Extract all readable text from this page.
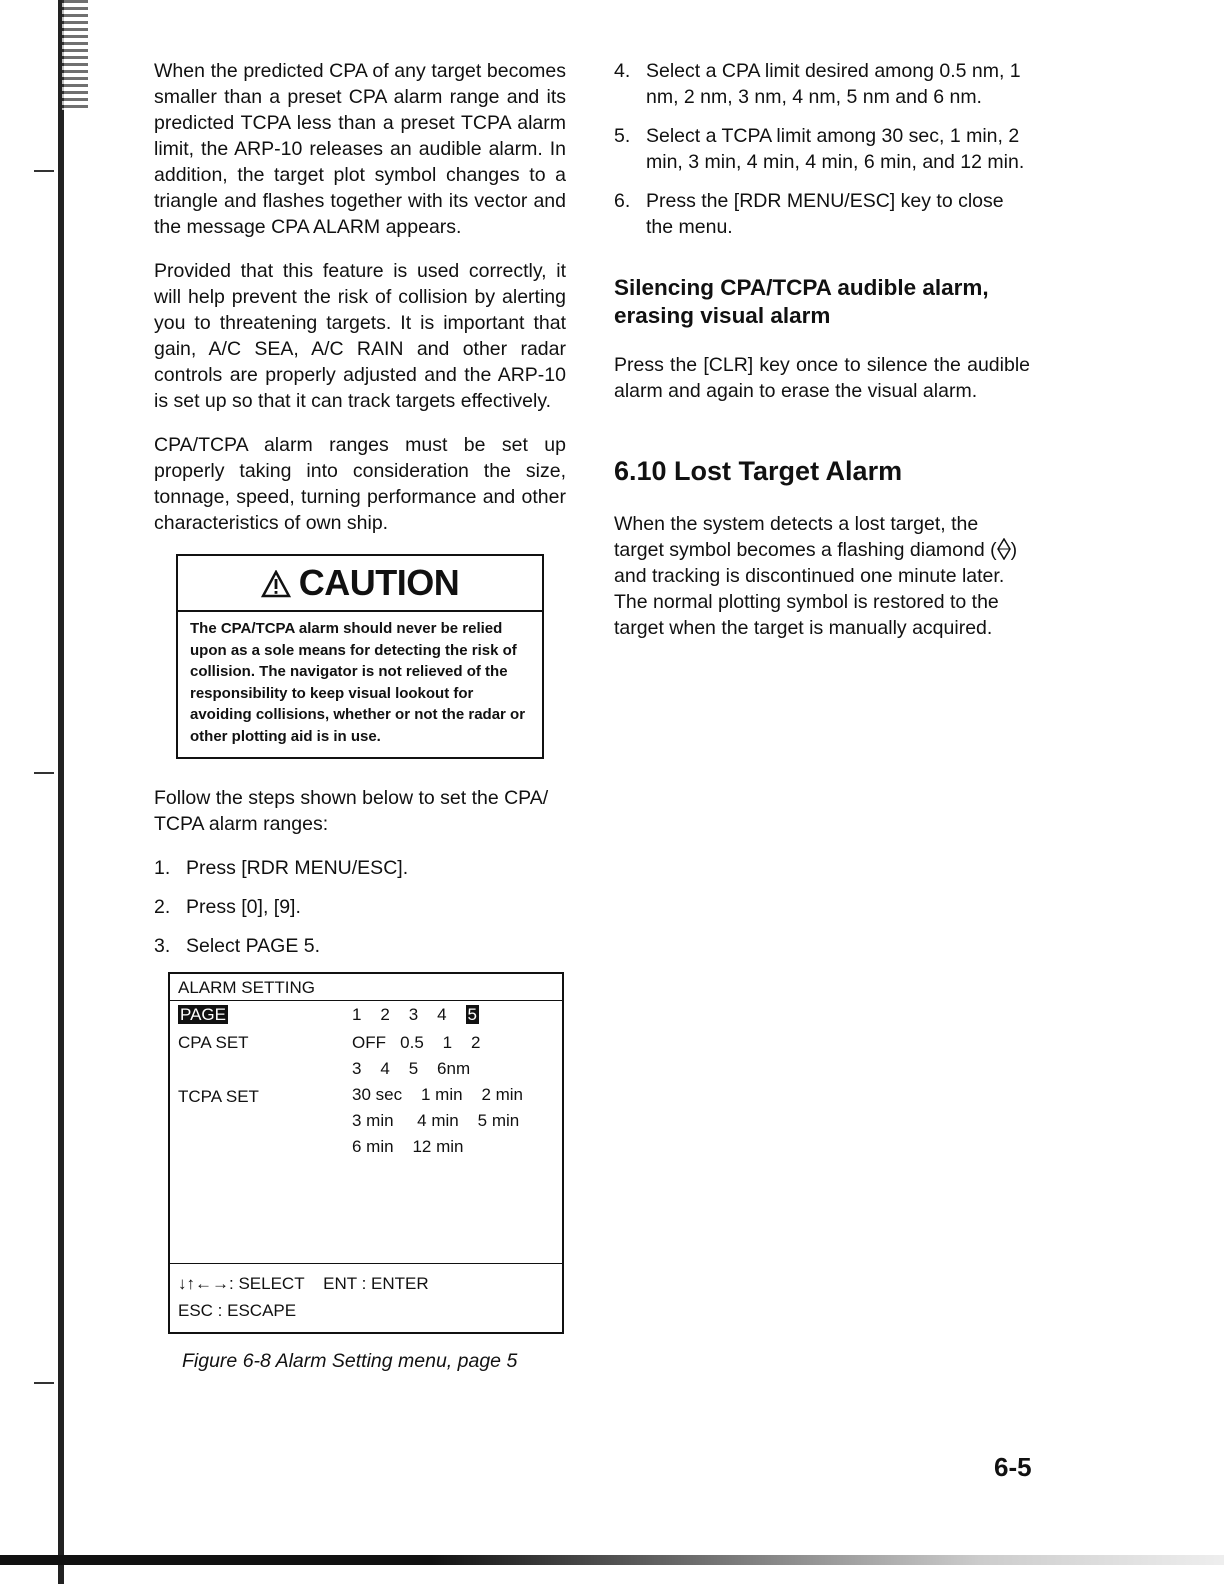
When the predicted CPA of any target becomes smaller than a preset CPA alarm range and its predicted TCPA less than a preset TCPA alarm limit, the ARP-10 releases an audible alarm. In addition, the target plot symbol changes to a triangle and flashes together with its vector and the message CPA ALARM appears.

Provided that this feature is used correctly, it will help prevent the risk of collision by alerting you to threatening targets. It is important that gain, A/C SEA, A/C RAIN and other radar controls are properly adjusted and the ARP-10 is set up so that it can track targets effectively.

CPA/TCPA alarm ranges must be set up properly taking into consideration the size, tonnage, speed, turning performance and other characteristics of own ship.

CAUTION
The CPA/TCPA alarm should never be relied upon as a sole means for detecting the risk of collision. The navigator is not relieved of the responsibility to keep visual lookout for avoiding collisions, whether or not the radar or other plotting aid is in use.

Follow the steps shown below to set the CPA/ TCPA alarm ranges:

1. Press [RDR MENU/ESC].
2. Press [0], [9].
3. Select PAGE 5.
ALARM SETTING
PAGE	1 2 3 4 5
CPA SET	OFF   0.5    1    2
3    4    5    6nm
TCPA SET	30 sec    1 min    2 min
3 min     4 min    5 min
6 min    12 min
↓↑←→: SELECT    ENT : ENTER
ESC : ESCAPE
Figure 6-8 Alarm Setting menu, page 5
4. Select a CPA limit desired among 0.5 nm, 1 nm, 2 nm, 3 nm, 4 nm, 5 nm and 6 nm.
5. Select a TCPA limit among 30 sec, 1 min, 2 min, 3 min, 4 min, 4 min, 6 min, and 12 min.
6. Press the [RDR MENU/ESC] key to close the menu.
Silencing CPA/TCPA audible alarm, erasing visual alarm

Press the [CLR] key once to silence the audible alarm and again to erase the visual alarm.

6.10 Lost Target Alarm

When the system detects a lost target, the target symbol becomes a flashing diamond ( ) and tracking is discontinued one minute later. The normal plotting symbol is restored to the target when the target is manually acquired.

6-5
